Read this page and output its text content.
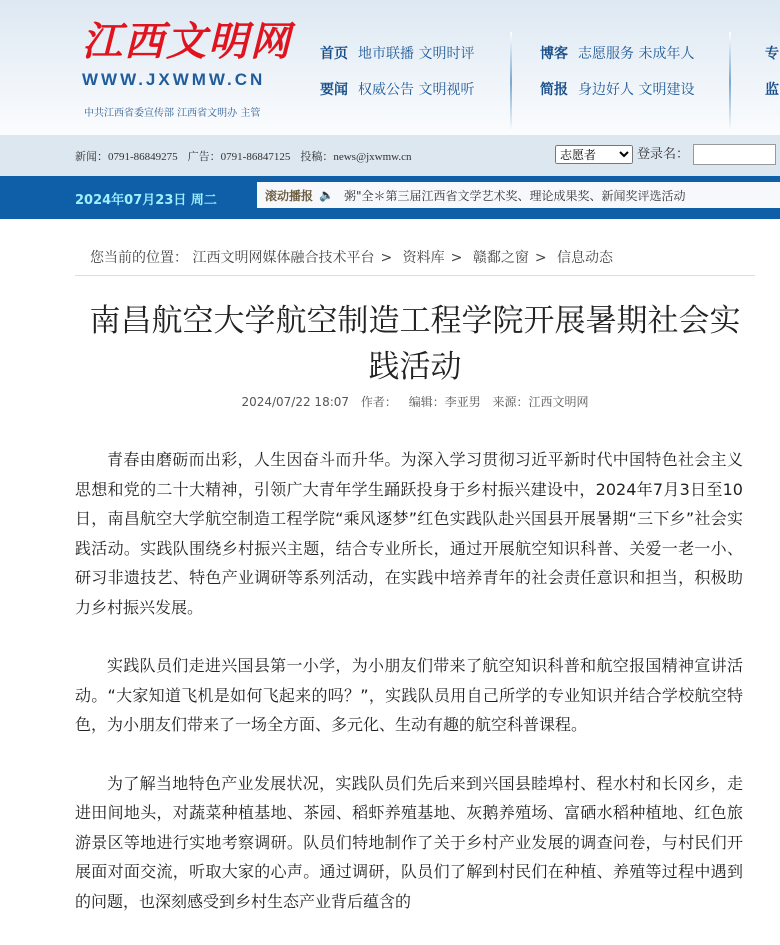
江西文明网
WWW.JXWMW.CN
中共江西省委宣传部 江西省文明办 主管
首页 地市联播 文明时评
要闻 权威公告 文明视听
博客 志愿服务 未成年人
简报 身边好人 文明建设
专
监
新闻：0791-86849275 广告：0791-86847125 投稿：news@jxwmw.cn
志愿者	登录名：
2024年07月23日 周二	滚动播报 🔈 粥"全＊第三届江西省文学艺术奖、理论成果奖、新闻奖评选活动
您当前的位置： 江西文明网媒体融合技术平台 > 资料库 > 赣鄱之窗 > 信息动态
南昌航空大学航空制造工程学院开展暑期社会实践活动
2024/07/22 18:07 作者： 编辑：李亚男 来源：江西文明网

青春由磨砺而出彩，人生因奋斗而升华。为深入学习贯彻习近平新时代中国特色社会主义思想和党的二十大精神，引领广大青年学生踊跃投身于乡村振兴建设中，2024年7月3日至10日，南昌航空大学航空制造工程学院“乘风逐梦”红色实践队赴兴国县开展暑期“三下乡”社会实践活动。实践队围绕乡村振兴主题，结合专业所长，通过开展航空知识科普、关爱一老一小、研习非遗技艺、特色产业调研等系列活动，在实践中培养青年的社会责任意识和担当，积极助力乡村振兴发展。

实践队员们走进兴国县第一小学，为小朋友们带来了航空知识科普和航空报国精神宣讲活动。“大家知道飞机是如何飞起来的吗？”，实践队员用自己所学的专业知识并结合学校航空特色，为小朋友们带来了一场全方面、多元化、生动有趣的航空科普课程。

为了解当地特色产业发展状况，实践队员们先后来到兴国县睦埠村、程水村和长冈乡，走进田间地头，对蔬菜种植基地、茶园、稻虾养殖基地、灰鹅养殖场、富硒水稻种植地、红色旅游景区等地进行实地考察调研。队员们特地制作了关于乡村产业发展的调查问卷，与村民们开展面对面交流，听取大家的心声。通过调研，队员们了解到村民们在种植、养殖等过程中遇到的问题，也深刻感受到乡村生态产业背后蕴含的
